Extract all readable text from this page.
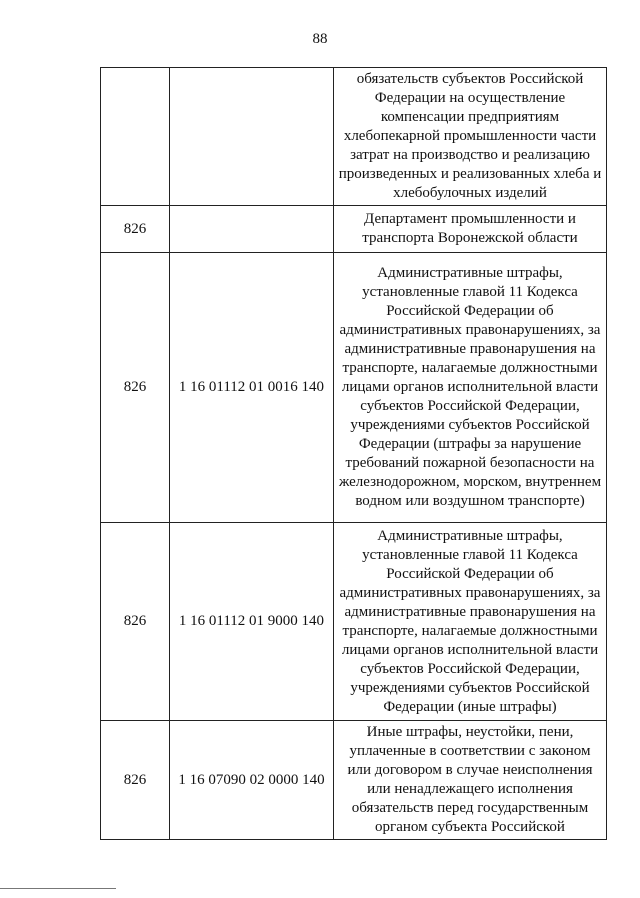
88
		обязательств субъектов Российской Федерации на осуществление компенсации предприятиям хлебопекарной промышленности части затрат на производство и реализацию произведенных и реализованных хлеба и хлебобулочных изделий
826		Департамент промышленности и транспорта Воронежской области
826	1 16 01112 01 0016 140	Административные штрафы, установленные главой 11 Кодекса Российской Федерации об административных правонарушениях, за административные правонарушения на транспорте, налагаемые должностными лицами органов исполнительной власти субъектов Российской Федерации, учреждениями субъектов Российской Федерации (штрафы за нарушение требований пожарной безопасности на железнодорожном, морском, внутреннем водном или воздушном транспорте)
826	1 16 01112 01 9000 140	Административные штрафы, установленные главой 11 Кодекса Российской Федерации об административных правонарушениях, за административные правонарушения на транспорте, налагаемые должностными лицами органов исполнительной власти субъектов Российской Федерации, учреждениями субъектов Российской Федерации (иные штрафы)
826	1 16 07090 02 0000 140	Иные штрафы, неустойки, пени, уплаченные в соответствии с законом или договором в случае неисполнения или ненадлежащего исполнения обязательств перед государственным органом субъекта Российской
